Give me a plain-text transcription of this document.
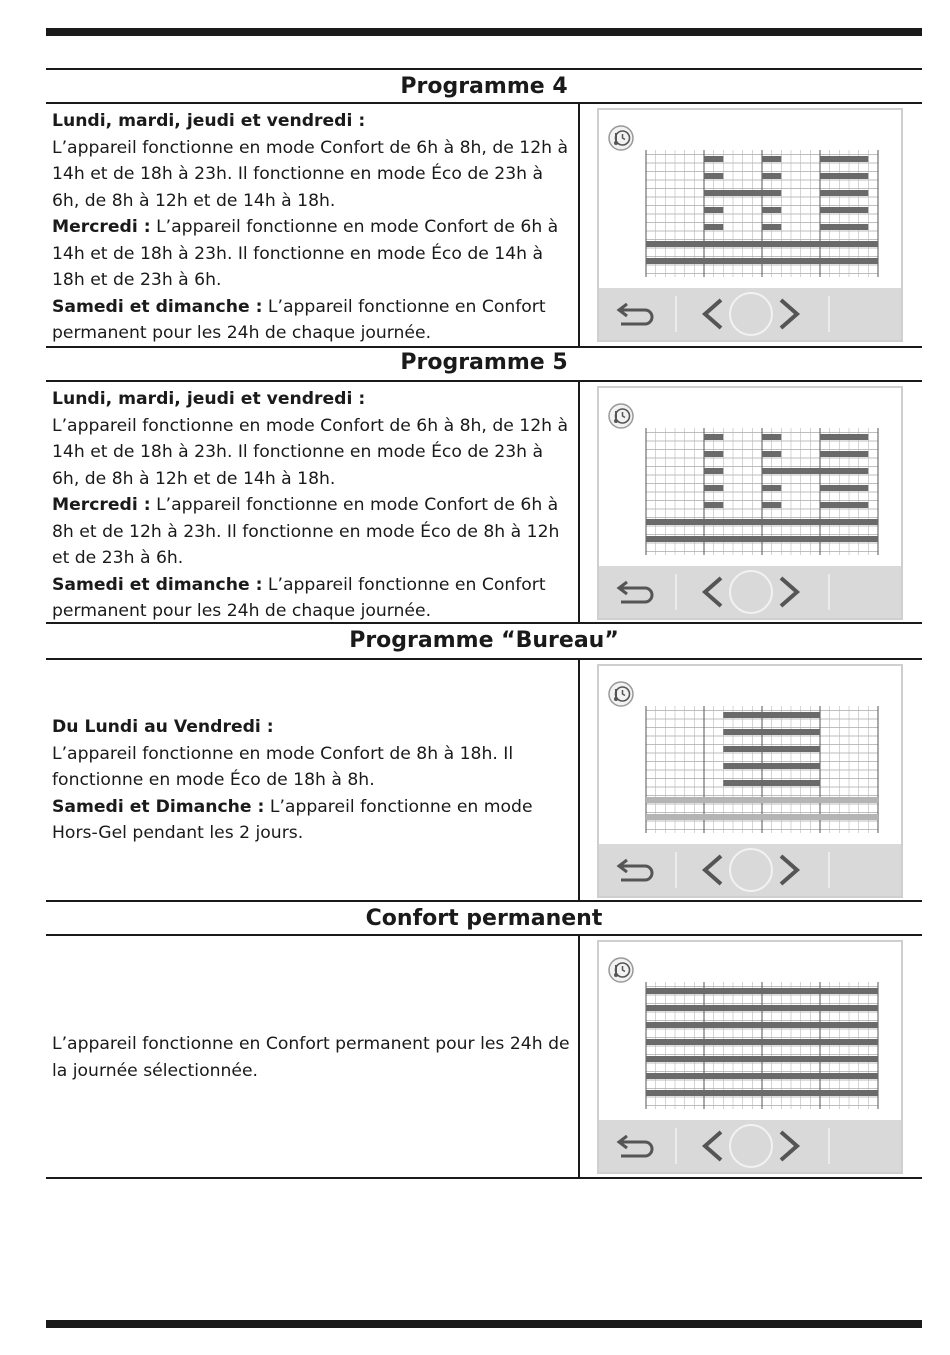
Programme 4

Lundi, mardi, jeudi et vendredi :

L’appareil fonctionne en mode Confort de 6h à 8h, de 12h à 14h et de 18h à 23h. Il fonctionne en mode Éco de 23h à 6h, de 8h à 12h et de 14h à 18h.

Mercredi : L’appareil fonctionne en mode Confort de 6h à 14h et de 18h à 23h. Il fonctionne en mode Éco de 14h à 18h et de 23h à 6h.

Samedi et dimanche : L’appareil fonctionne en Confort permanent pour les 24h de chaque journée.

Programme 5

Lundi, mardi, jeudi et vendredi :

L’appareil fonctionne en mode Confort de 6h à 8h, de 12h à 14h et de 18h à 23h. Il fonctionne en mode Éco de 23h à 6h, de 8h à 12h et de 14h à 18h.

Mercredi : L’appareil fonctionne en mode Confort de 6h à 8h et de 12h à 23h. Il fonctionne en mode Éco de 8h à 12h et de 23h à 6h.

Samedi et dimanche : L’appareil fonctionne en Confort permanent pour les 24h de chaque journée.

Programme “Bureau”

Du Lundi au Vendredi :

L’appareil fonctionne en mode Confort de 8h à 18h. Il fonctionne en mode Éco de 18h à 8h.

Samedi et Dimanche : L’appareil fonctionne en mode Hors-Gel pendant les 2 jours.

Confort permanent

L’appareil fonctionne en Confort permanent pour les 24h de la journée sélectionnée.
